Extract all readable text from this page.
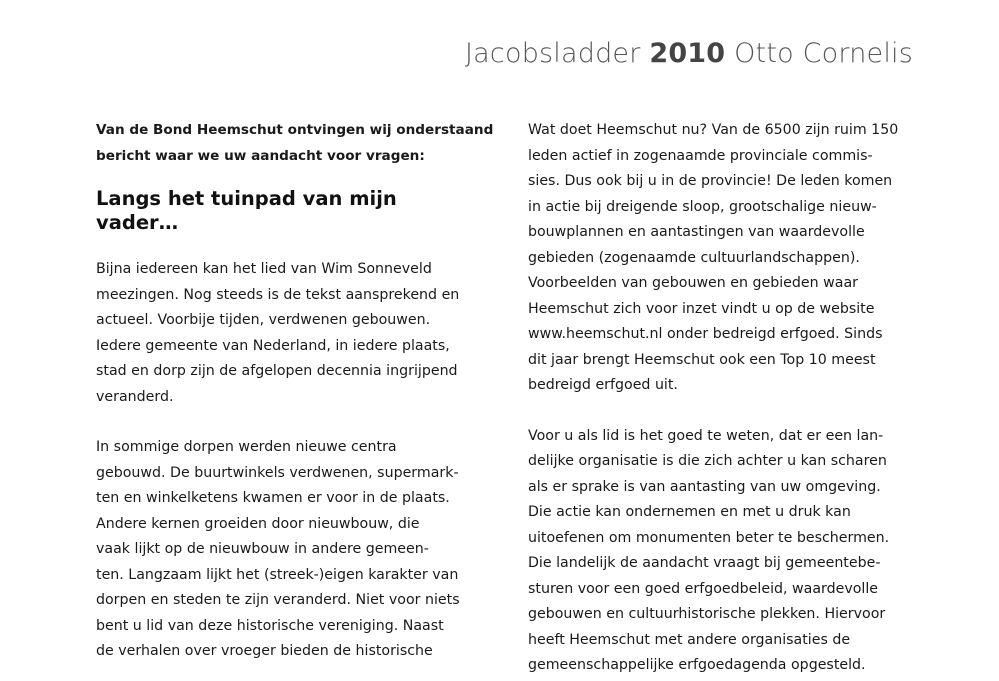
Jacobsladder 2010 Otto Cornelis
Van de Bond Heemschut ontvingen wij onderstaand
bericht waar we uw aandacht voor vragen:
Langs het tuinpad van mijn
vader…
Bijna iedereen kan het lied van Wim Sonneveld
meezingen. Nog steeds is de tekst aansprekend en
actueel. Voorbije tijden, verdwenen gebouwen.
Iedere gemeente van Nederland, in iedere plaats,
stad en dorp zijn de afgelopen decennia ingrijpend
veranderd.
In sommige dorpen werden nieuwe centra
gebouwd. De buurtwinkels verdwenen, supermark-
ten en winkelketens kwamen er voor in de plaats.
Andere kernen groeiden door nieuwbouw, die
vaak lijkt op de nieuwbouw in andere gemeen-
ten. Langzaam lijkt het (streek-)eigen karakter van
dorpen en steden te zijn veranderd. Niet voor niets
bent u lid van deze historische vereniging. Naast
de verhalen over vroeger bieden de historische
Wat doet Heemschut nu? Van de 6500 zijn ruim 150
leden actief in zogenaamde provinciale commis-
sies. Dus ook bij u in de provincie! De leden komen
in actie bij dreigende sloop, grootschalige nieuw-
bouwplannen en aantastingen van waardevolle
gebieden (zogenaamde cultuurlandschappen).
Voorbeelden van gebouwen en gebieden waar
Heemschut zich voor inzet vindt u op de website
www.heemschut.nl onder bedreigd erfgoed. Sinds
dit jaar brengt Heemschut ook een Top 10 meest
bedreigd erfgoed uit.
Voor u als lid is het goed te weten, dat er een lan-
delijke organisatie is die zich achter u kan scharen
als er sprake is van aantasting van uw omgeving.
Die actie kan ondernemen en met u druk kan
uitoefenen om monumenten beter te beschermen.
Die landelijk de aandacht vraagt bij gemeentebe-
sturen voor een goed erfgoedbeleid, waardevolle
gebouwen en cultuurhistorische plekken. Hiervoor
heeft Heemschut met andere organisaties de
gemeenschappelijke erfgoedagenda opgesteld.
